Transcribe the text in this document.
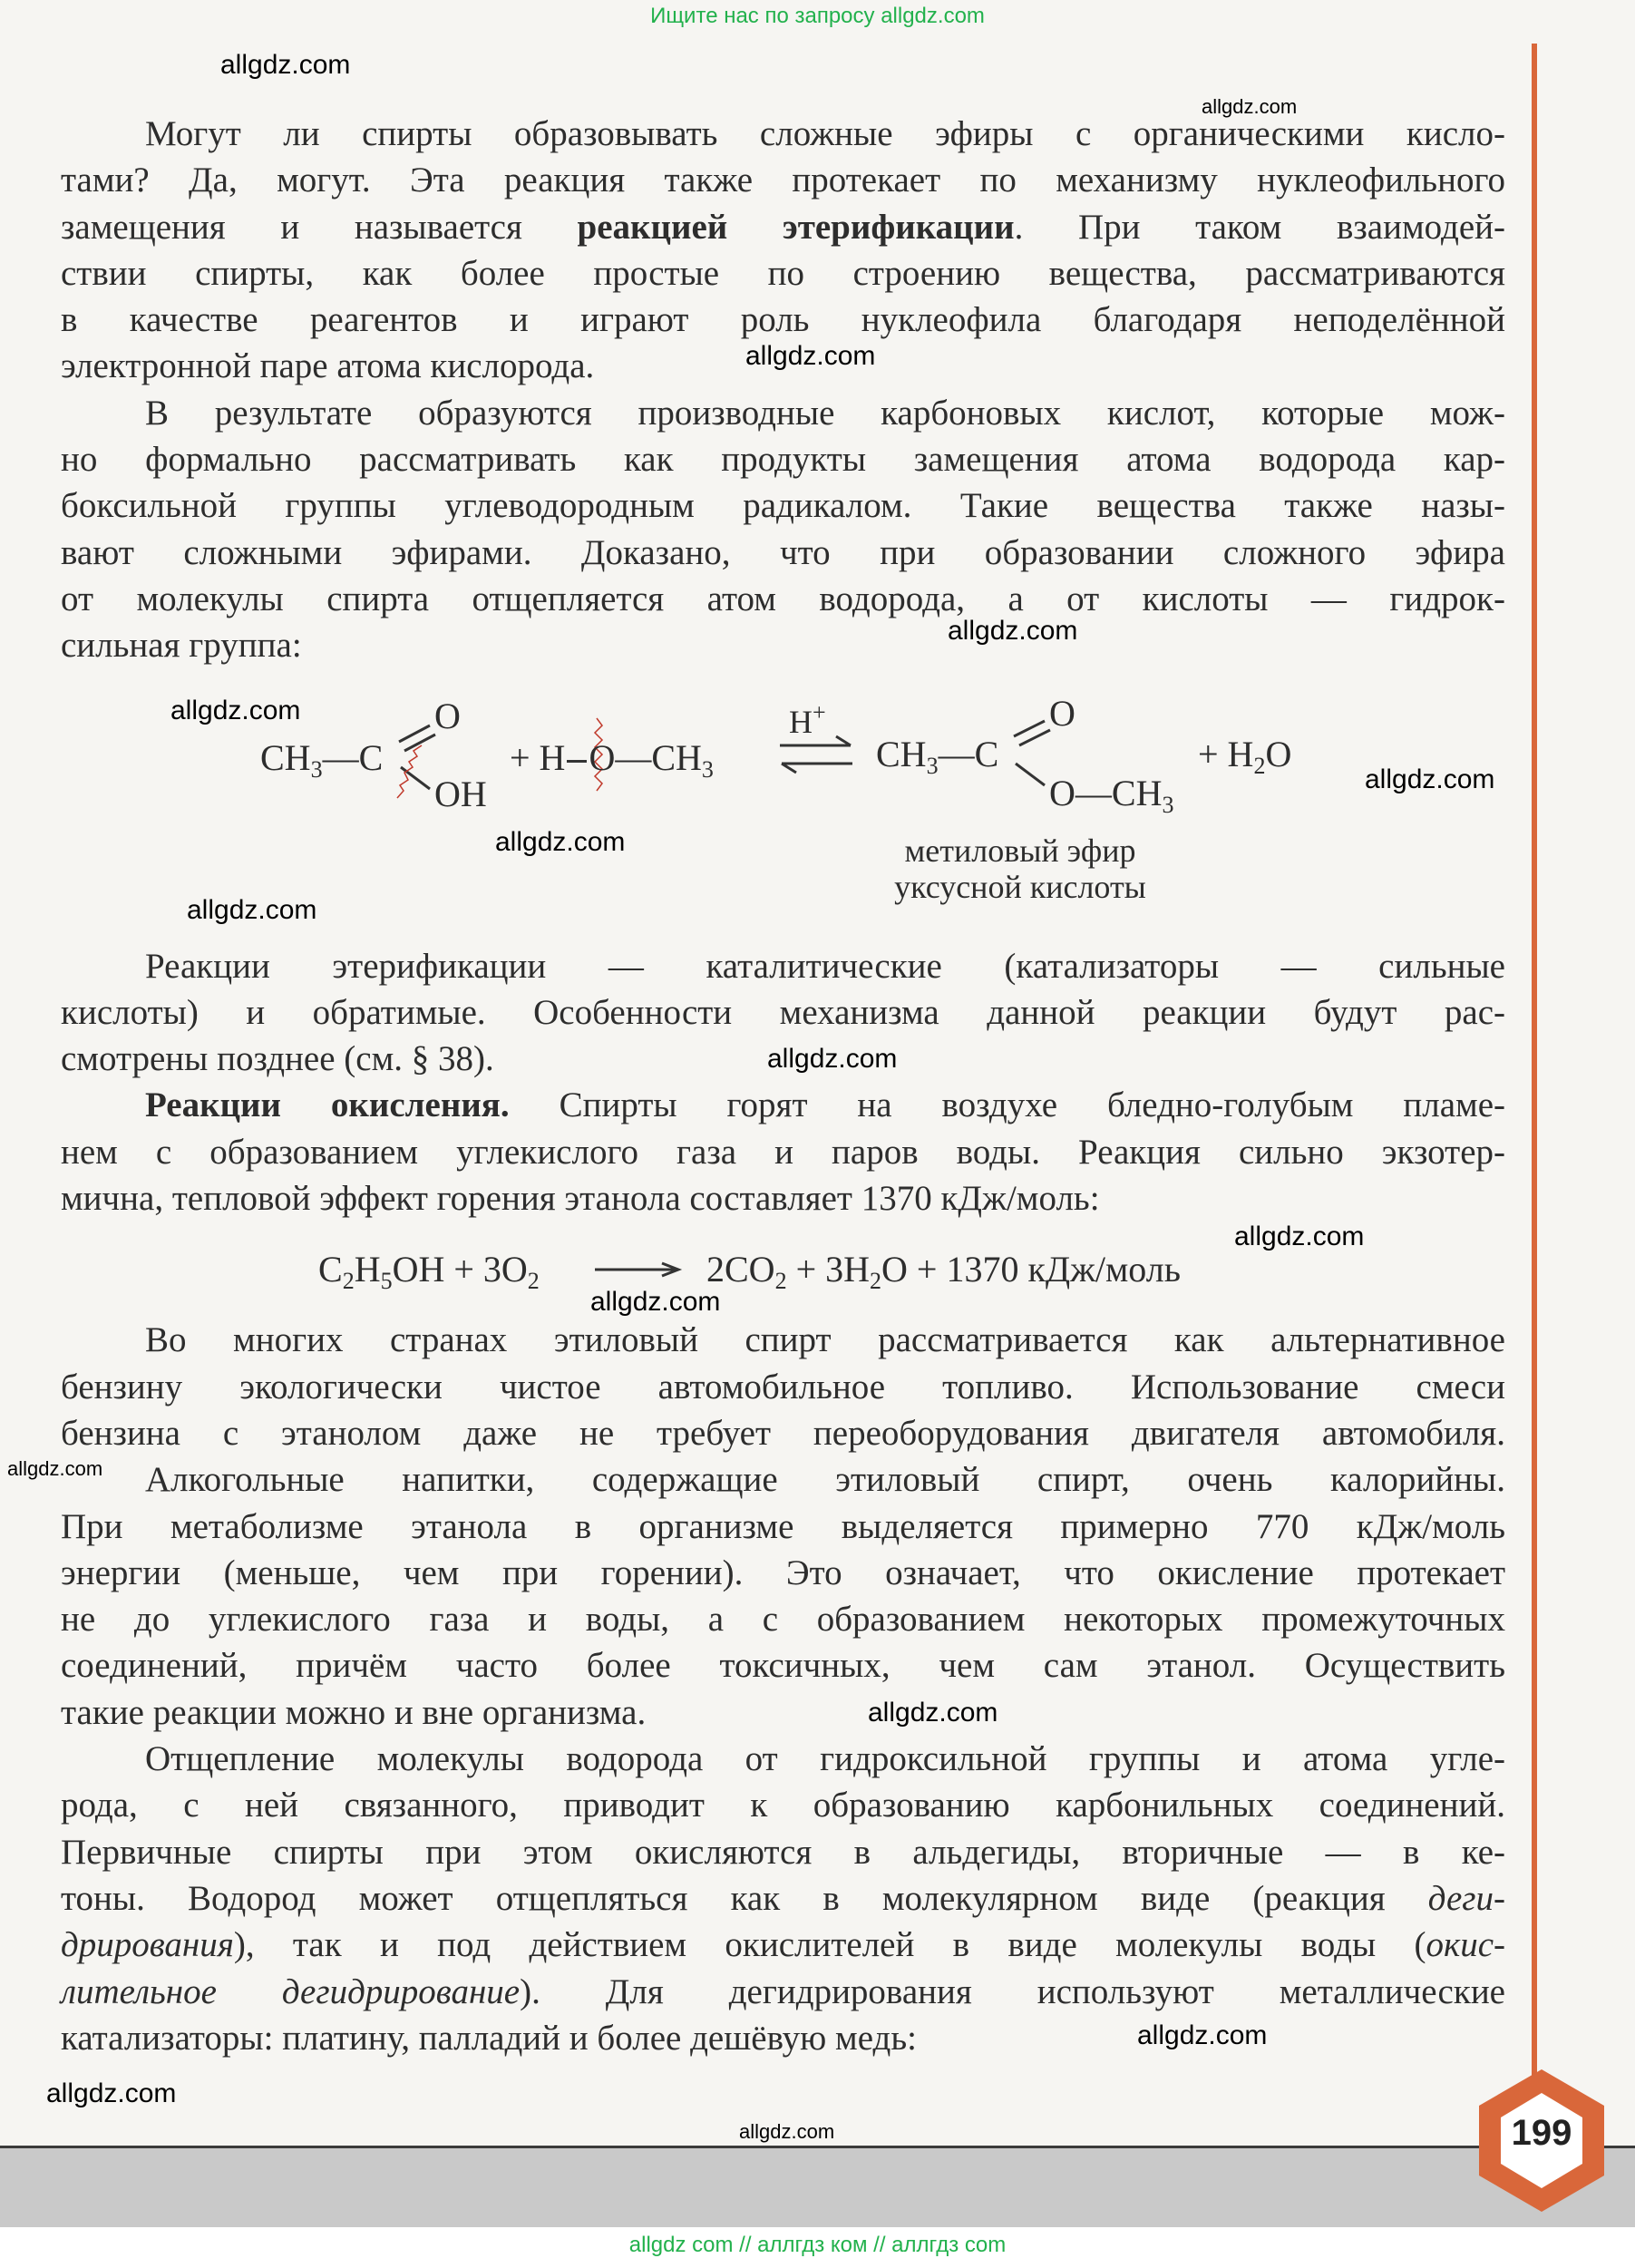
Ищите нас по запросу allgdz.com
Могут ли спирты образовывать сложные эфиры с органическими кисло-
тами? Да, могут. Эта реакция также протекает по механизму нуклеофильного
замещения и называется реакцией этерификации. При таком взаимодей-
ствии спирты, как более простые по строению вещества, рассматриваются
в качестве реагентов и играют роль нуклеофила благодаря неподелённой
электронной паре атома кислорода.
В результате образуются производные карбоновых кислот, которые мож-
но формально рассматривать как продукты замещения атома водорода кар-
боксильной группы углеводородным радикалом. Такие вещества также назы-
вают сложными эфирами. Доказано, что при образовании сложного эфира
от молекулы спирта отщепляется атом водорода, а от кислоты — гидрок-
сильная группа:
Реакции этерификации — каталитические (катализаторы — сильные
кислоты) и обратимые. Особенности механизма данной реакции будут рас-
смотрены позднее (см. § 38).
Реакции окисления. Спирты горят на воздухе бледно-голубым пламе-
нем с образованием углекислого газа и паров воды. Реакция сильно экзотер-
мична, тепловой эффект горения этанола составляет 1370 кДж/моль:
Во многих странах этиловый спирт рассматривается как альтернативное
бензину экологически чистое автомобильное топливо. Использование смеси
бензина с этанолом даже не требует переоборудования двигателя автомобиля.
Алкогольные напитки, содержащие этиловый спирт, очень калорийны.
При метаболизме этанола в организме выделяется примерно 770 кДж/моль
энергии (меньше, чем при горении). Это означает, что окисление протекает
не до углекислого газа и воды, а с образованием некоторых промежуточных
соединений, причём часто более токсичных, чем сам этанол. Осуществить
такие реакции можно и вне организма.
Отщепление молекулы водорода от гидроксильной группы и атома угле-
рода, с ней связанного, приводит к образованию карбонильных соединений.
Первичные спирты при этом окисляются в альдегиды, вторичные — в ке-
тоны. Водород может отщепляться как в молекулярном виде (реакция деги-
дрирования), так и под действием окислителей в виде молекулы воды (окис-
лительное дегидрирование). Для дегидрирования используют металлические
катализаторы: платину, палладий и более дешёвую медь:
$CH_3—C$
O
OH
+ H $O—CH_3$
H+
$CH_3—C$
O
$O—CH_3$
+ $H_2O$
метиловый эфир
уксусной кислоты
$C_2H_5OH + 3O_2$	$2CO_2 + 3H_2O + 1370$ кДж/моль
199
allgdz com // аллгдз ком // аллгдз com
allgdz.com
allgdz.com
allgdz.com
allgdz.com
allgdz.com
allgdz.com
allgdz.com
allgdz.com
allgdz.com
allgdz.com
allgdz.com
allgdz.com
allgdz.com
allgdz.com
allgdz.com
allgdz.com
